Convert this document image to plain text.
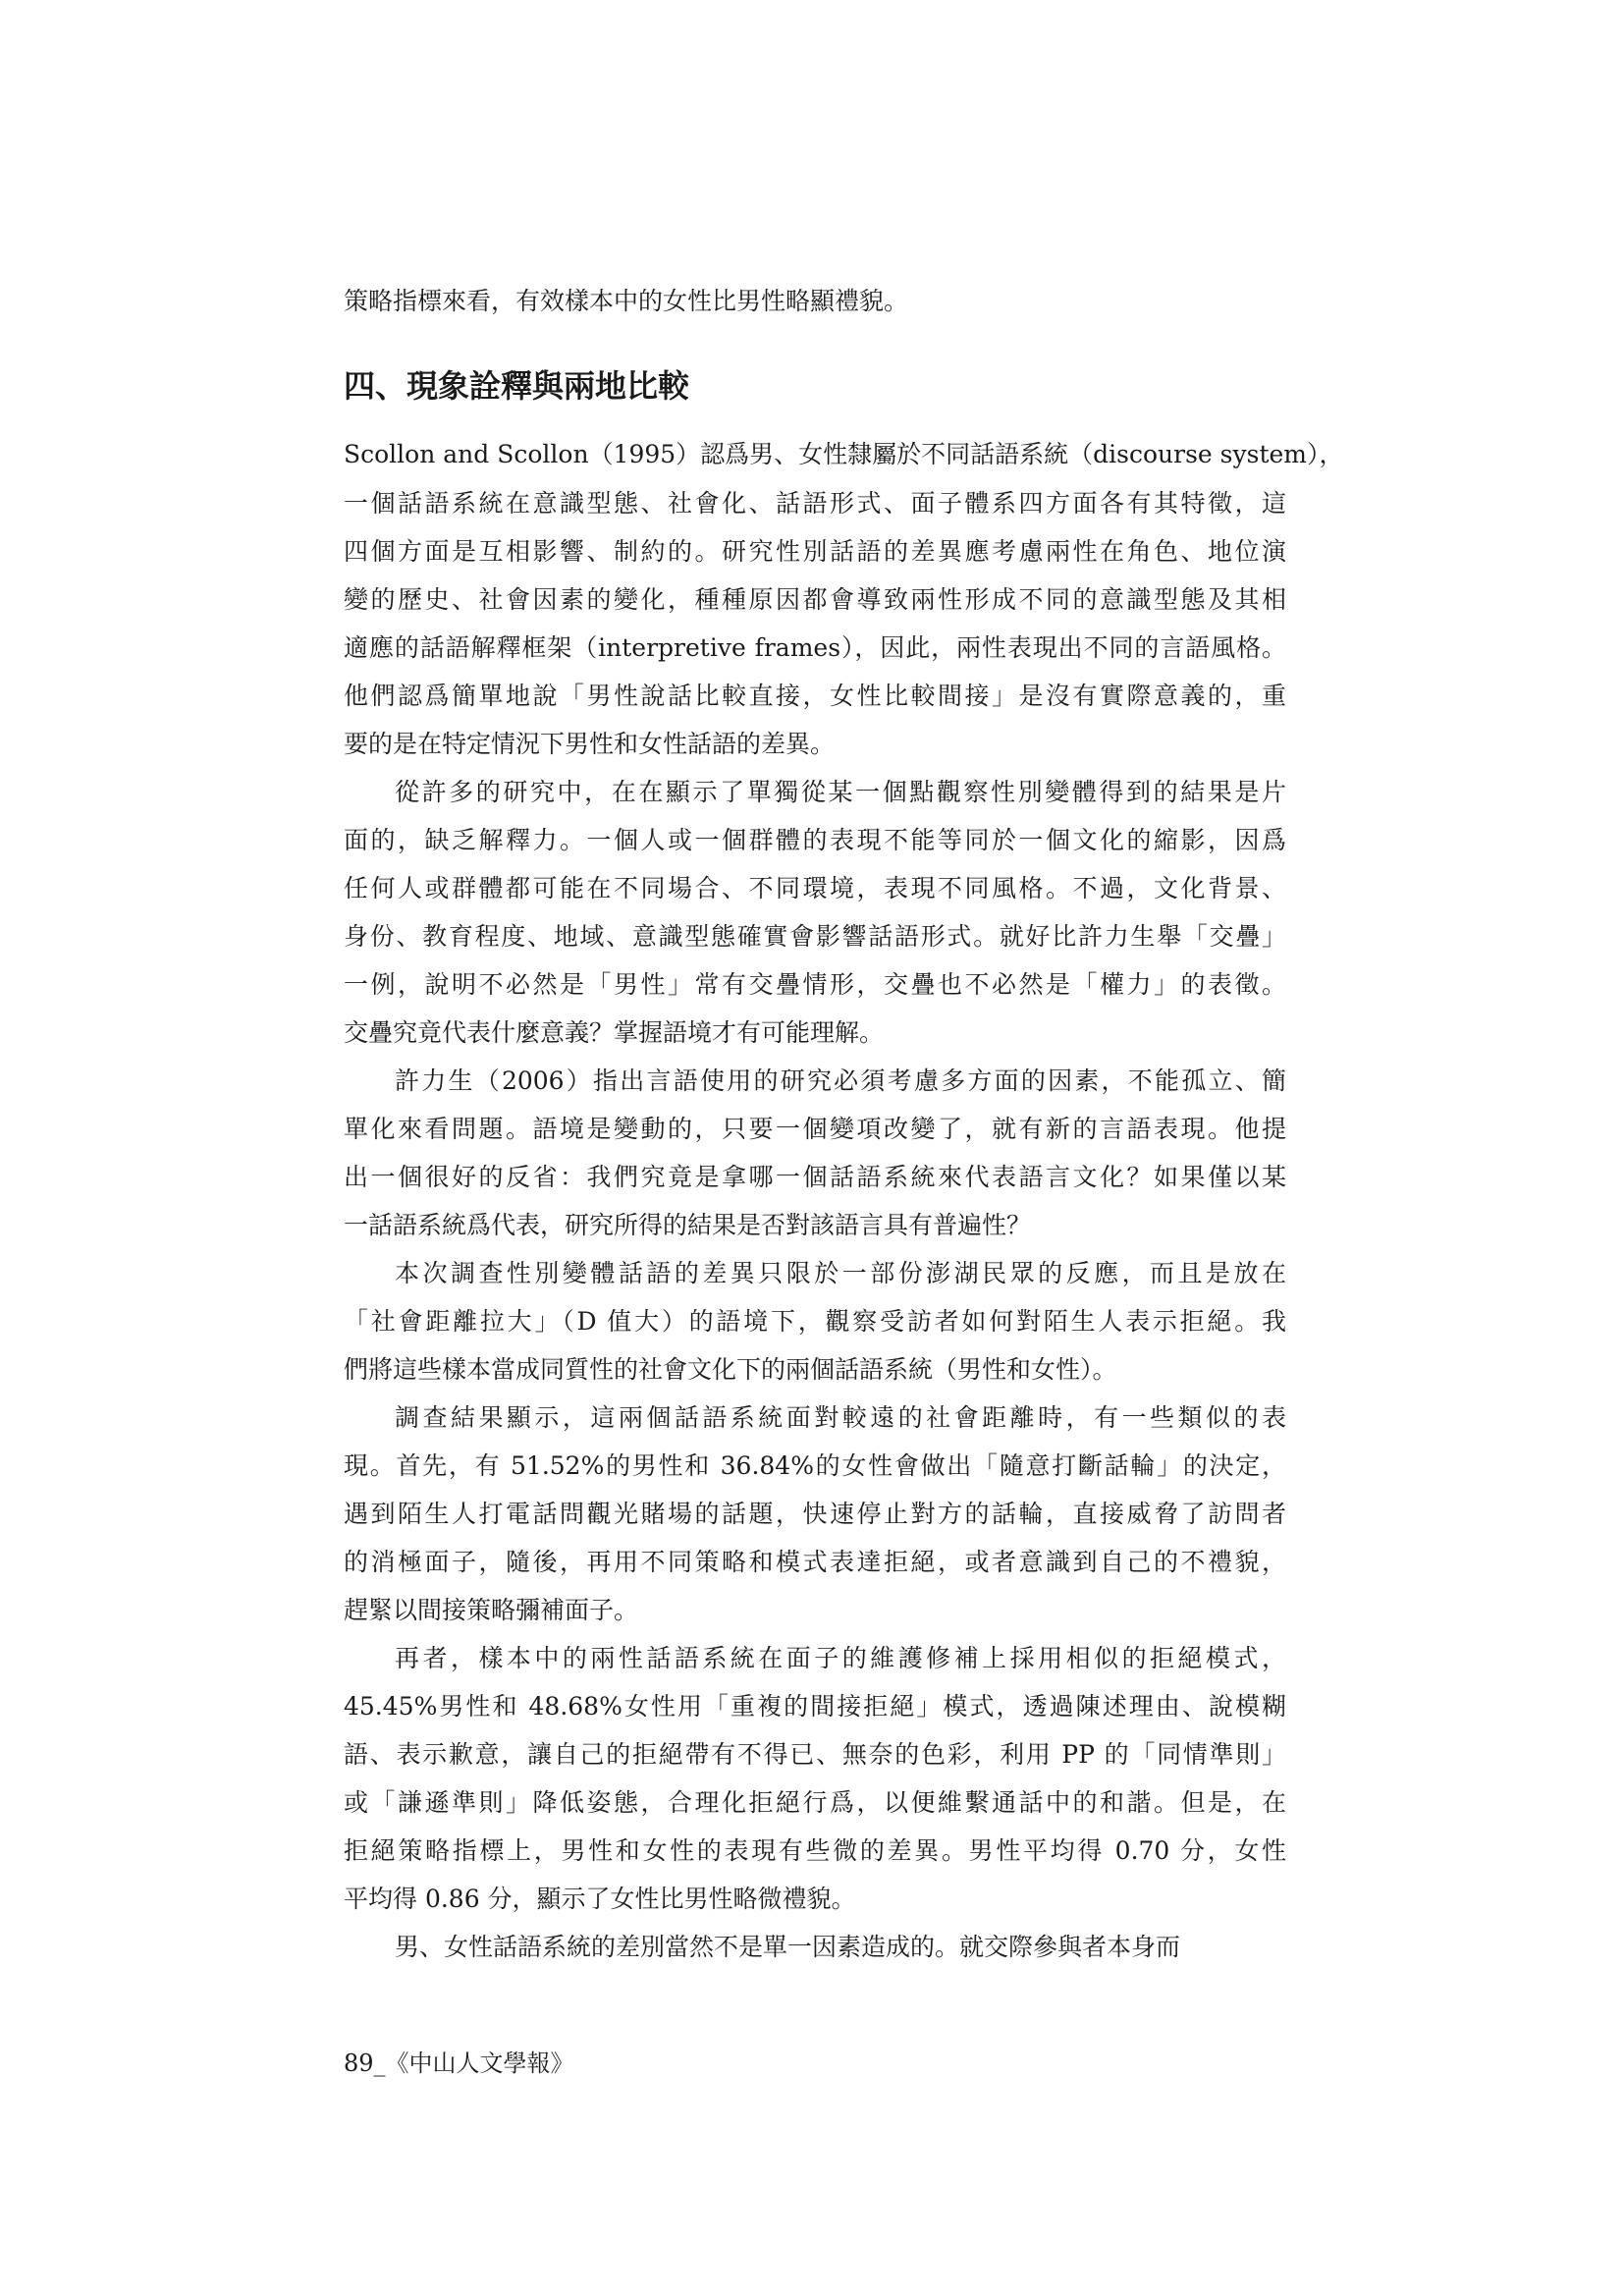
策略指標來看，有效樣本中的女性比男性略顯禮貌。
四、現象詮釋與兩地比較
Scollon and Scollon（1995）認爲男、女性隸屬於不同話語系統（discourse system），
一個話語系統在意識型態、社會化、話語形式、面子體系四方面各有其特徵，這
四個方面是互相影響、制約的。研究性別話語的差異應考慮兩性在角色、地位演
變的歷史、社會因素的變化，種種原因都會導致兩性形成不同的意識型態及其相
適應的話語解釋框架（interpretive frames），因此，兩性表現出不同的言語風格。
他們認爲簡單地說「男性說話比較直接，女性比較間接」是沒有實際意義的，重
要的是在特定情況下男性和女性話語的差異。
從許多的研究中，在在顯示了單獨從某一個點觀察性別變體得到的結果是片
面的，缺乏解釋力。一個人或一個群體的表現不能等同於一個文化的縮影，因爲
任何人或群體都可能在不同場合、不同環境，表現不同風格。不過，文化背景、
身份、教育程度、地域、意識型態確實會影響話語形式。就好比許力生舉「交疊」
一例，說明不必然是「男性」常有交疊情形，交疊也不必然是「權力」的表徵。
交疊究竟代表什麼意義？掌握語境才有可能理解。
許力生（2006）指出言語使用的研究必須考慮多方面的因素，不能孤立、簡
單化來看問題。語境是變動的，只要一個變項改變了，就有新的言語表現。他提
出一個很好的反省：我們究竟是拿哪一個話語系統來代表語言文化？如果僅以某
一話語系統爲代表，研究所得的結果是否對該語言具有普遍性？
本次調查性別變體話語的差異只限於一部份澎湖民眾的反應，而且是放在
「社會距離拉大」（D 值大）的語境下，觀察受訪者如何對陌生人表示拒絕。我
們將這些樣本當成同質性的社會文化下的兩個話語系統（男性和女性）。
調查結果顯示，這兩個話語系統面對較遠的社會距離時，有一些類似的表
現。首先，有 51.52%的男性和 36.84%的女性會做出「隨意打斷話輪」的決定，
遇到陌生人打電話問觀光賭場的話題，快速停止對方的話輪，直接威脅了訪問者
的消極面子，隨後，再用不同策略和模式表達拒絕，或者意識到自己的不禮貌，
趕緊以間接策略彌補面子。
再者，樣本中的兩性話語系統在面子的維護修補上採用相似的拒絕模式，
45.45%男性和 48.68%女性用「重複的間接拒絕」模式，透過陳述理由、說模糊
語、表示歉意，讓自己的拒絕帶有不得已、無奈的色彩，利用 PP 的「同情準則」
或「謙遜準則」降低姿態，合理化拒絕行爲，以便維繫通話中的和諧。但是，在
拒絕策略指標上，男性和女性的表現有些微的差異。男性平均得 0.70 分，女性
平均得 0.86 分，顯示了女性比男性略微禮貌。
男、女性話語系統的差別當然不是單一因素造成的。就交際參與者本身而
89_《中山人文學報》
